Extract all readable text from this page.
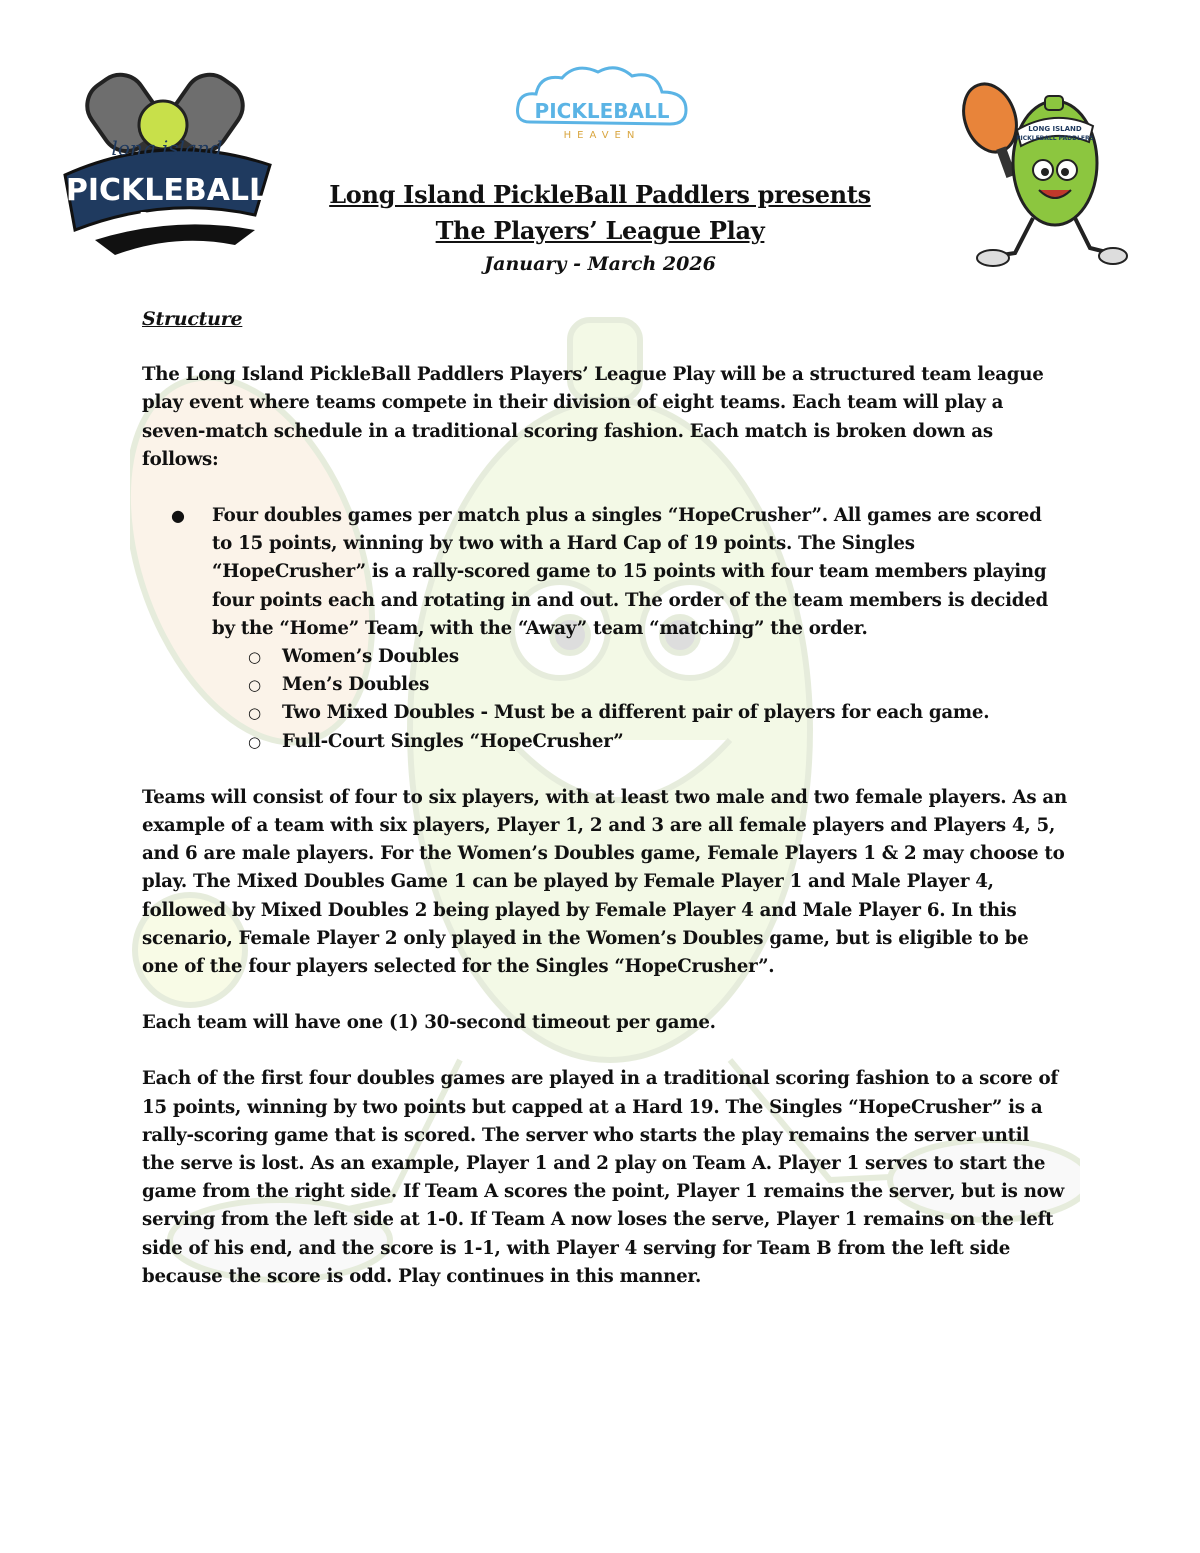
long island
PICKLEBALL
PADDLERS
PICKLEBALL
HEAVEN
LONG ISLAND
PICKLEBALL PADDLERS
Long Island PickleBall Paddlers presents
The Players’ League Play
January - March 2026

Structure

The Long Island PickleBall Paddlers Players’ League Play will be a structured team league play event where teams compete in their division of eight teams. Each team will play a seven-match schedule in a traditional scoring fashion. Each match is broken down as follows:

● Four doubles games per match plus a singles “HopeCrusher”. All games are scored to 15 points, winning by two with a Hard Cap of 19 points. The Singles “HopeCrusher” is a rally-scored game to 15 points with four team members playing four points each and rotating in and out. The order of the team members is decided by the “Home” Team, with the “Away” team “matching” the order.
○ Women’s Doubles
○ Men’s Doubles
○ Two Mixed Doubles - Must be a different pair of players for each game.
○ Full-Court Singles “HopeCrusher”

Teams will consist of four to six players, with at least two male and two female players. As an example of a team with six players, Player 1, 2 and 3 are all female players and Players 4, 5, and 6 are male players. For the Women’s Doubles game, Female Players 1 & 2 may choose to play. The Mixed Doubles Game 1 can be played by Female Player 1 and Male Player 4, followed by Mixed Doubles 2 being played by Female Player 4 and Male Player 6. In this scenario, Female Player 2 only played in the Women’s Doubles game, but is eligible to be one of the four players selected for the Singles “HopeCrusher”.

Each team will have one (1) 30-second timeout per game.

Each of the first four doubles games are played in a traditional scoring fashion to a score of 15 points, winning by two points but capped at a Hard 19. The Singles “HopeCrusher” is a rally-scoring game that is scored. The server who starts the play remains the server until the serve is lost. As an example, Player 1 and 2 play on Team A. Player 1 serves to start the game from the right side. If Team A scores the point, Player 1 remains the server, but is now serving from the left side at 1-0. If Team A now loses the serve, Player 1 remains on the left side of his end, and the score is 1-1, with Player 4 serving for Team B from the left side because the score is odd. Play continues in this manner.
